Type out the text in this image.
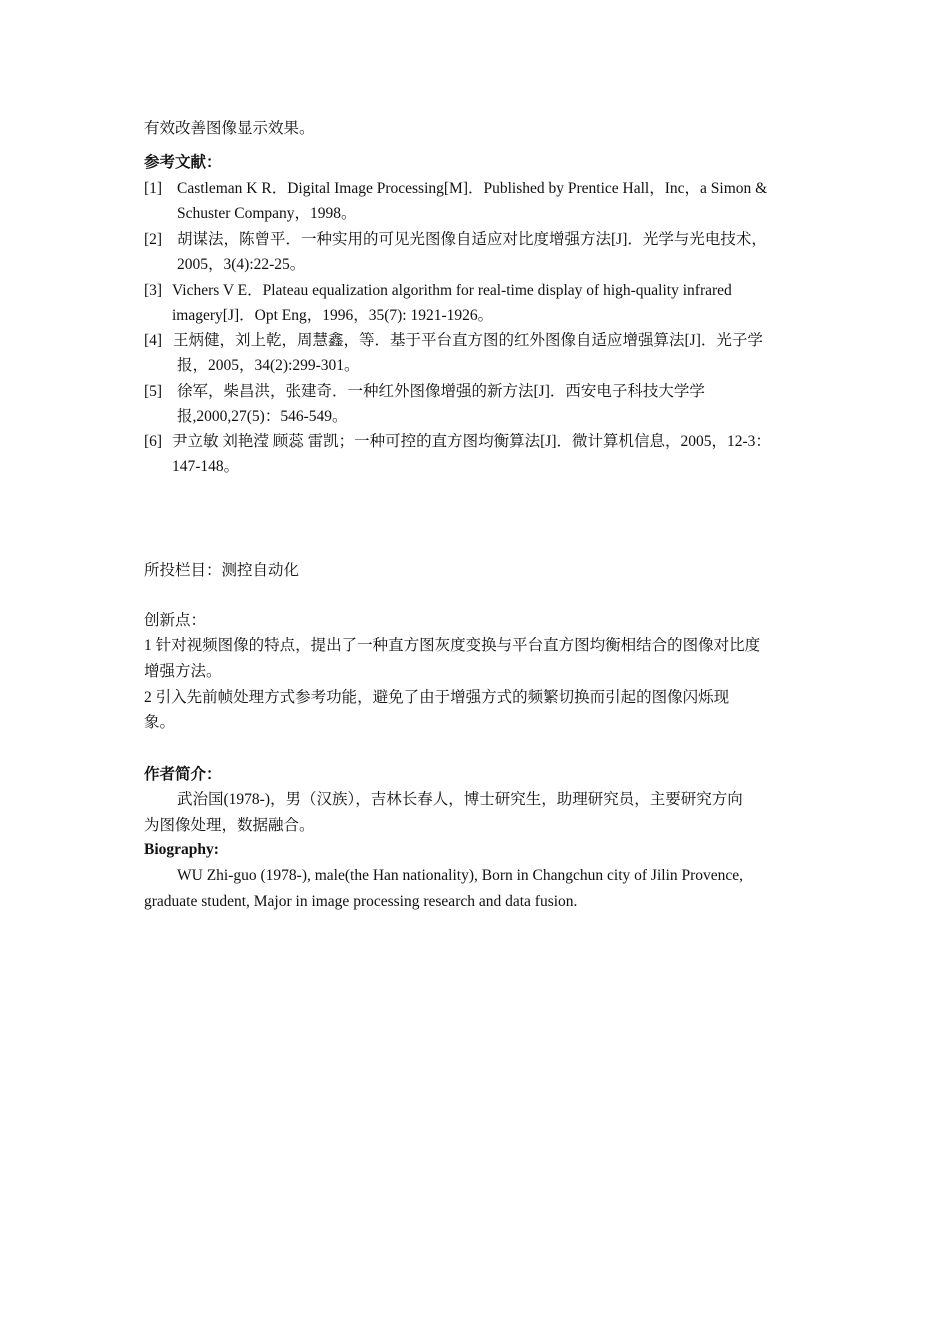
有效改善图像显示效果。
参考文献：
[1] Castleman K R．Digital Image Processing[M]．Published by Prentice Hall，Inc，a Simon &
Schuster Company，1998。
[2] 胡谋法，陈曾平．一种实用的可见光图像自适应对比度增强方法[J]．光学与光电技术，
2005，3(4):22-25。
[3] Vichers V E．Plateau equalization algorithm for real-time display of high-quality infrared
imagery[J]．Opt Eng，1996，35(7): 1921-1926。
[4] 王炳健，刘上乾，周慧鑫，等．基于平台直方图的红外图像自适应增强算法[J]．光子学
报，2005，34(2):299-301。
[5] 徐军，柴昌洪，张建奇．一种红外图像增强的新方法[J]．西安电子科技大学学
报,2000,27(5)：546-549。
[6] 尹立敏 刘艳滢 顾蕊 雷凯；一种可控的直方图均衡算法[J]．微计算机信息，2005，12-3：
147-148。
所投栏目：测控自动化
创新点：
1 针对视频图像的特点，提出了一种直方图灰度变换与平台直方图均衡相结合的图像对比度
增强方法。
2 引入先前帧处理方式参考功能，避免了由于增强方式的频繁切换而引起的图像闪烁现
象。
作者简介：
武治国(1978-)，男（汉族），吉林长春人，博士研究生，助理研究员，主要研究方向
为图像处理，数据融合。
Biography:
WU Zhi-guo (1978-), male(the Han nationality), Born in Changchun city of Jilin Provence,
graduate student, Major in image processing research and data fusion.
